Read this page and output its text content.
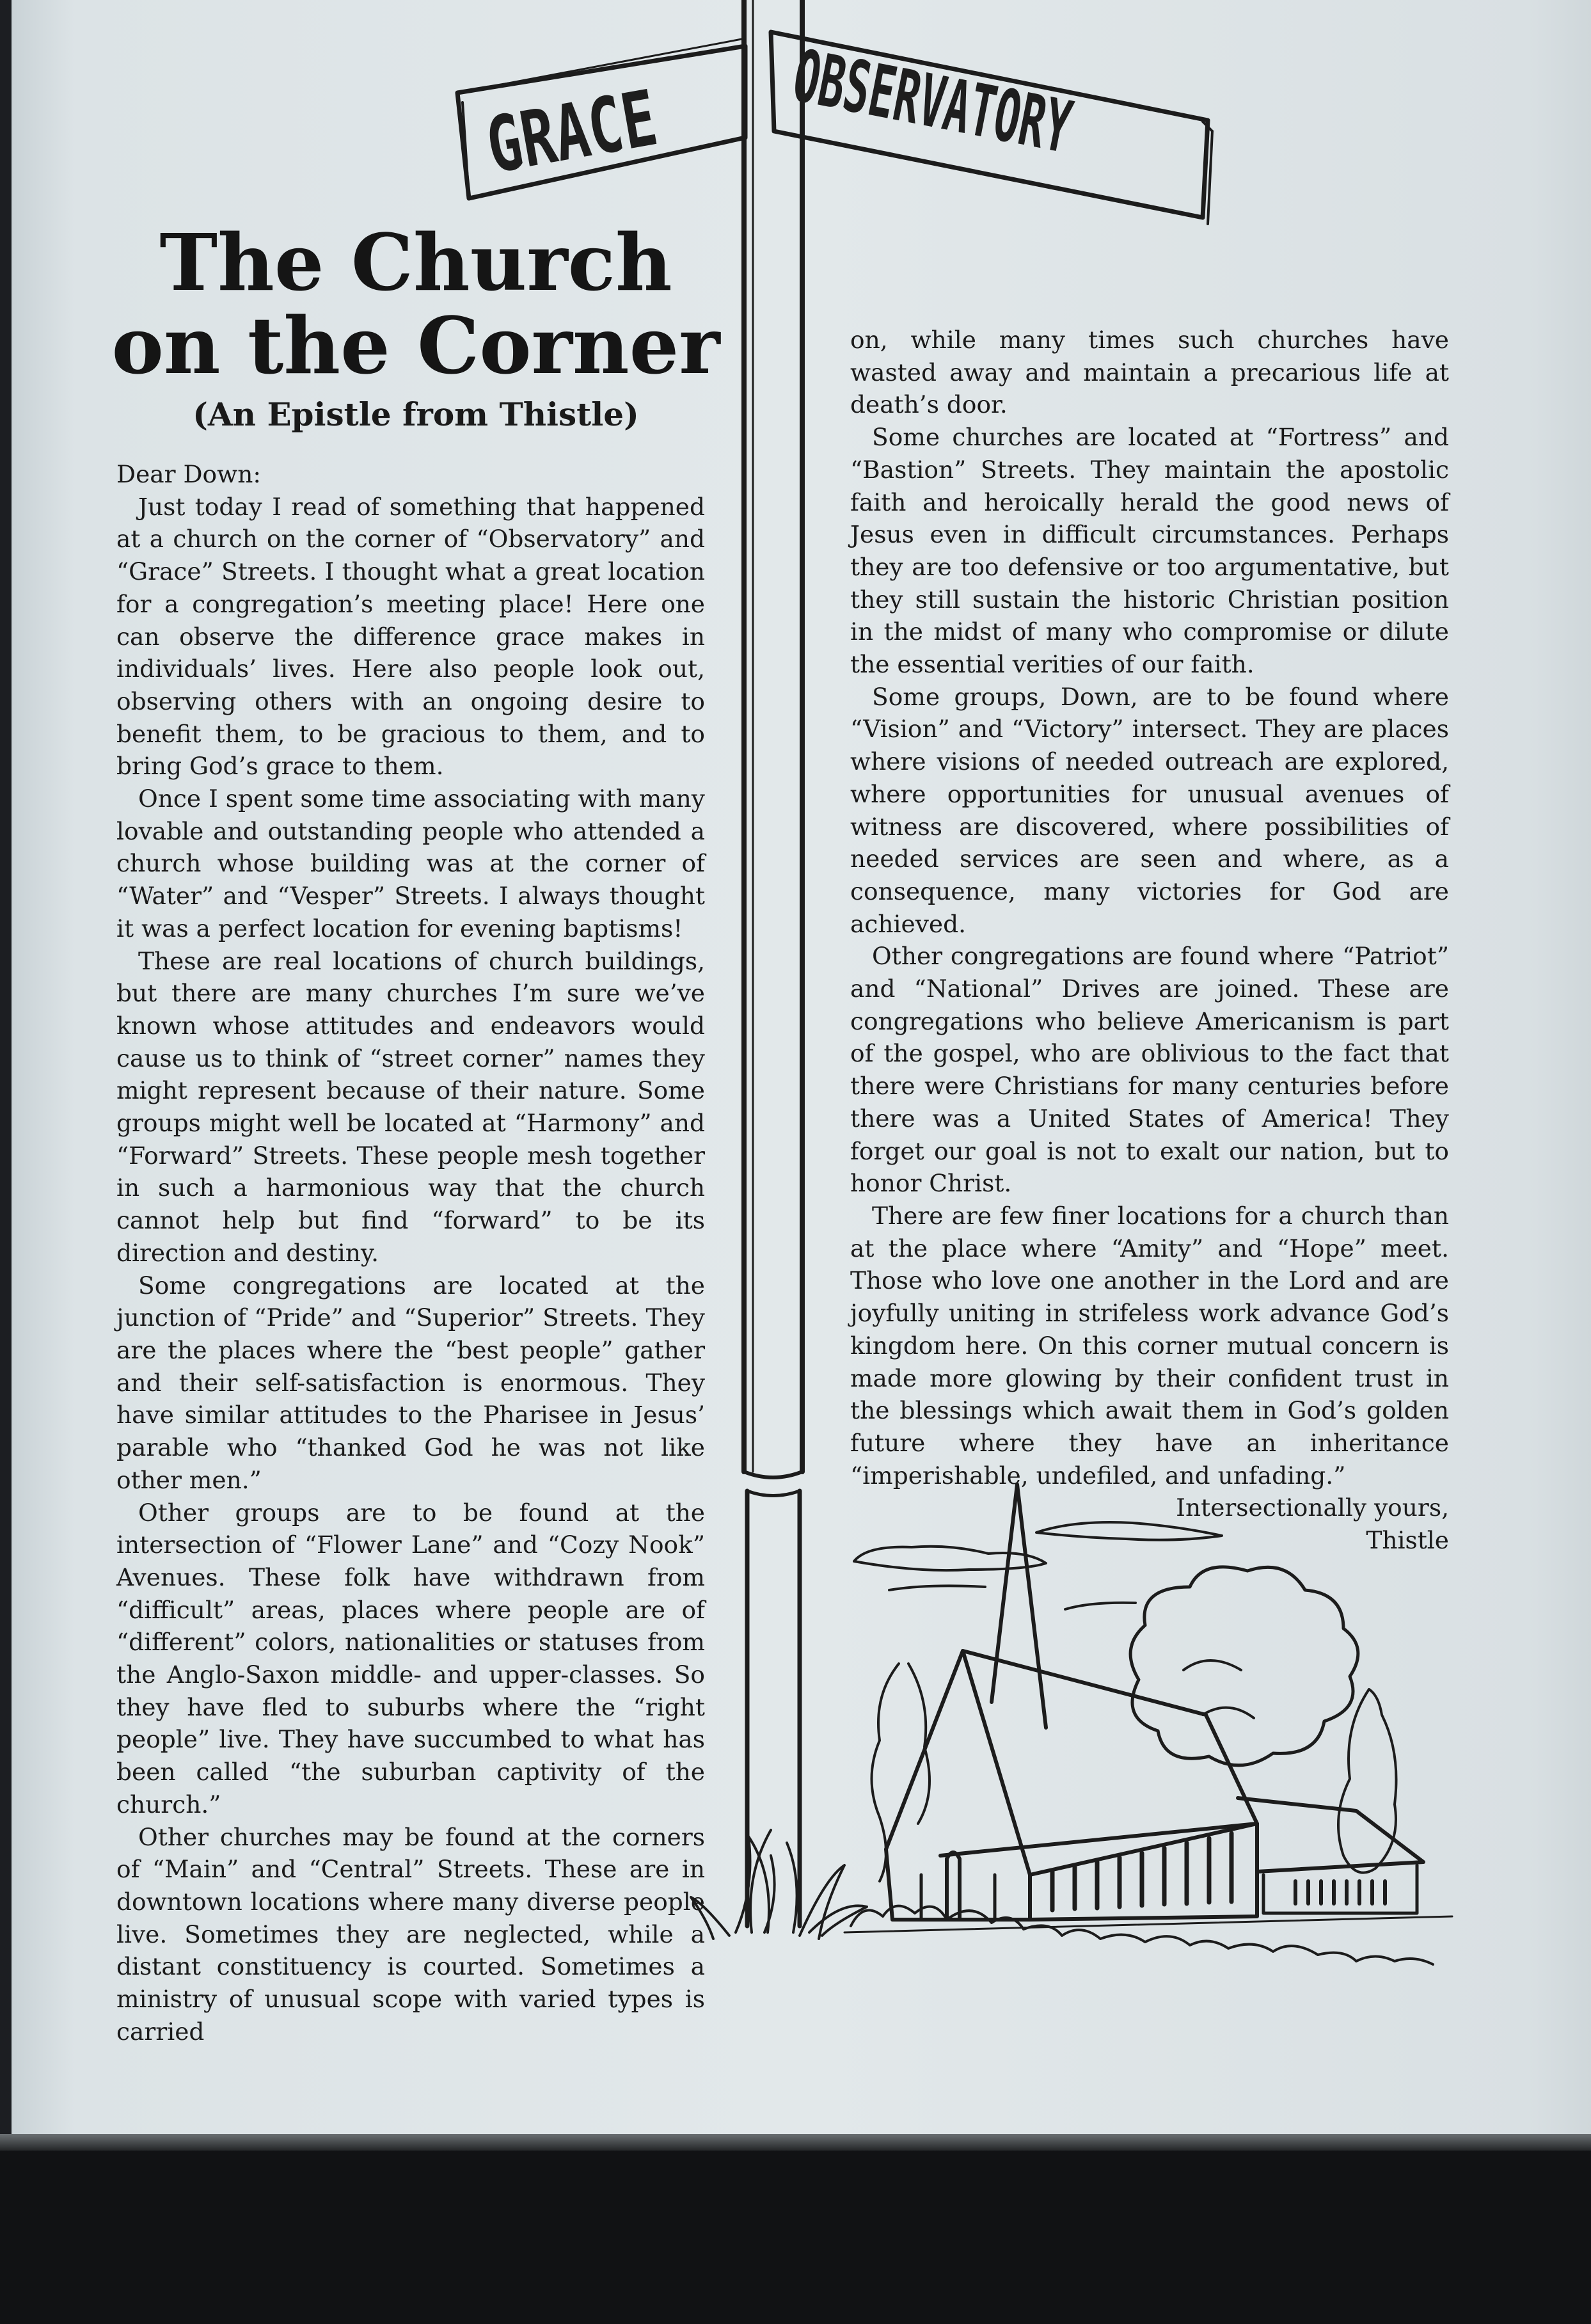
GRACE OBSERVATORY
The Church
on the Corner
(An Epistle from Thistle)

Dear Down:

Just today I read of something that happened at a church on the corner of “Observatory” and “Grace” Streets. I thought what a great location for a congregation’s meeting place! Here one can observe the difference grace makes in individuals’ lives. Here also people look out, observing others with an ongoing desire to benefit them, to be gracious to them, and to bring God’s grace to them.

Once I spent some time associating with many lovable and outstanding people who attended a church whose building was at the corner of “Water” and “Vesper” Streets. I always thought it was a perfect location for evening baptisms!

These are real locations of church buildings, but there are many churches I’m sure we’ve known whose attitudes and endeavors would cause us to think of “street corner” names they might represent because of their nature. Some groups might well be located at “Harmony” and “Forward” Streets. These people mesh together in such a harmonious way that the church cannot help but find “forward” to be its direction and destiny.

Some congregations are located at the junction of “Pride” and “Superior” Streets. They are the places where the “best people” gather and their self-satisfaction is enormous. They have similar attitudes to the Pharisee in Jesus’ parable who “thanked God he was not like other men.”

Other groups are to be found at the intersection of “Flower Lane” and “Cozy Nook” Avenues. These folk have withdrawn from “difficult” areas, places where people are of “different” colors, nationalities or statuses from the Anglo-Saxon middle- and upper-classes. So they have fled to suburbs where the “right people” live. They have succumbed to what has been called “the suburban captivity of the church.”

Other churches may be found at the corners of “Main” and “Central” Streets. These are in downtown locations where many diverse people live. Sometimes they are neglected, while a distant constituency is courted. Sometimes a ministry of unusual scope with varied types is carried

on, while many times such churches have wasted away and maintain a precarious life at death’s door.

Some churches are located at “Fortress” and “Bastion” Streets. They maintain the apostolic faith and heroically herald the good news of Jesus even in difficult circumstances. Perhaps they are too defensive or too argumentative, but they still sustain the historic Christian position in the midst of many who compromise or dilute the essential verities of our faith.

Some groups, Down, are to be found where “Vision” and “Victory” intersect. They are places where visions of needed outreach are explored, where opportunities for unusual avenues of witness are discovered, where possibilities of needed services are seen and where, as a consequence, many victories for God are achieved.

Other congregations are found where “Patriot” and “National” Drives are joined. These are congregations who believe Americanism is part of the gospel, who are oblivious to the fact that there were Christians for many centuries before there was a United States of America! They forget our goal is not to exalt our nation, but to honor Christ.

There are few finer locations for a church than at the place where “Amity” and “Hope” meet. Those who love one another in the Lord and are joyfully uniting in strifeless work advance God’s kingdom here. On this corner mutual concern is made more glowing by their confident trust in the blessings which await them in God’s golden future where they have an inheritance “imperishable, undefiled, and unfading.”

Intersectionally yours,

Thistle
